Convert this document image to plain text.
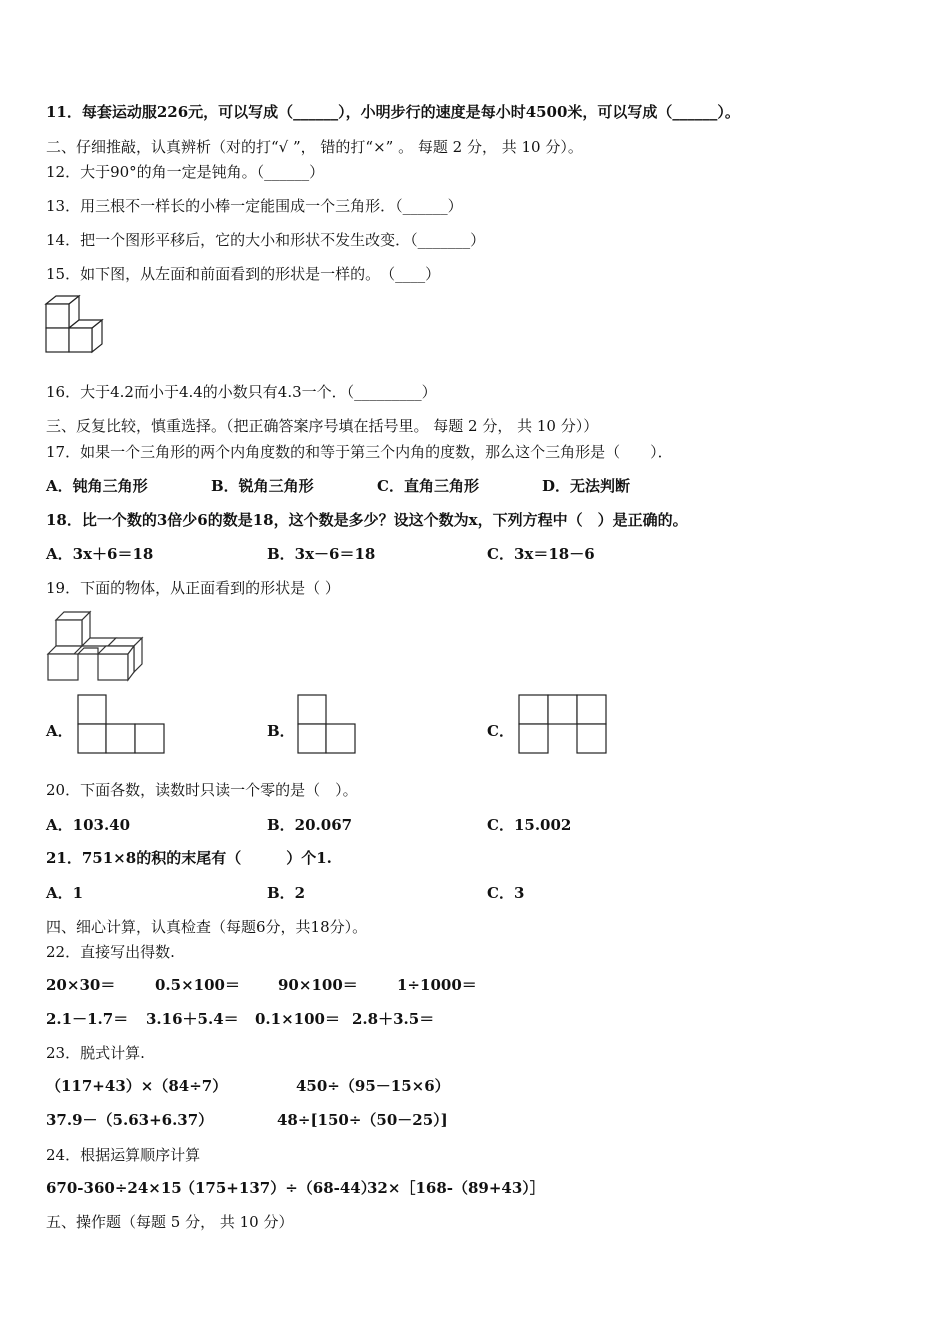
11．每套运动服226元，可以写成（______），小明步行的速度是每小时4500米，可以写成（______）。
二、仔细推敲，认真辨析（对的打“√ ”， 错的打“×” 。 每题 2 分， 共 10 分）。
12．大于90°的角一定是钝角。（______）
13．用三根不一样长的小棒一定能围成一个三角形．（______）
14．把一个图形平移后，它的大小和形状不发生改变．（_______）
15．如下图，从左面和前面看到的形状是一样的。　（____）
16．大于4.2而小于4.4的小数只有4.3一个．（_________）
三、反复比较，慎重选择。（把正确答案序号填在括号里。 每题 2 分， 共 10 分））
17．如果一个三角形的两个内角度数的和等于第三个内角的度数，那么这个三角形是（　　）．
A．钝角三角形	B．锐角三角形	C．直角三角形	D．无法判断
18．比一个数的3倍少6的数是18，这个数是多少？设这个数为x，下列方程中（　）是正确的。
A．3x＋6＝18	B．3x－6＝18	C．3x＝18－6
19．下面的物体，从正面看到的形状是（ ）
A．	B．	C．
20．下面各数，读数时只读一个零的是（　）。
A．103.40	B．20.067	C．15.002
21．751×8的积的末尾有（　　　）个1.
A．1	B．2	C．3
四、细心计算，认真检查（每题6分，共18分）。
22．直接写出得数.
20×30＝	0.5×100＝	90×100＝	1÷1000＝
2.1－1.7＝ 3.16＋5.4＝ 0.1×100＝ 2.8＋3.5＝
23．脱式计算.
（117+43）×（84÷7）	450÷（95－15×6）
37.9－（5.63+6.37）	48÷[150÷（50－25）]
24．根据运算顺序计算
670-360÷24×15
（175+137）÷（68-44）
32×［168-（89+43）］
五、操作题（每题 5 分， 共 10 分）
